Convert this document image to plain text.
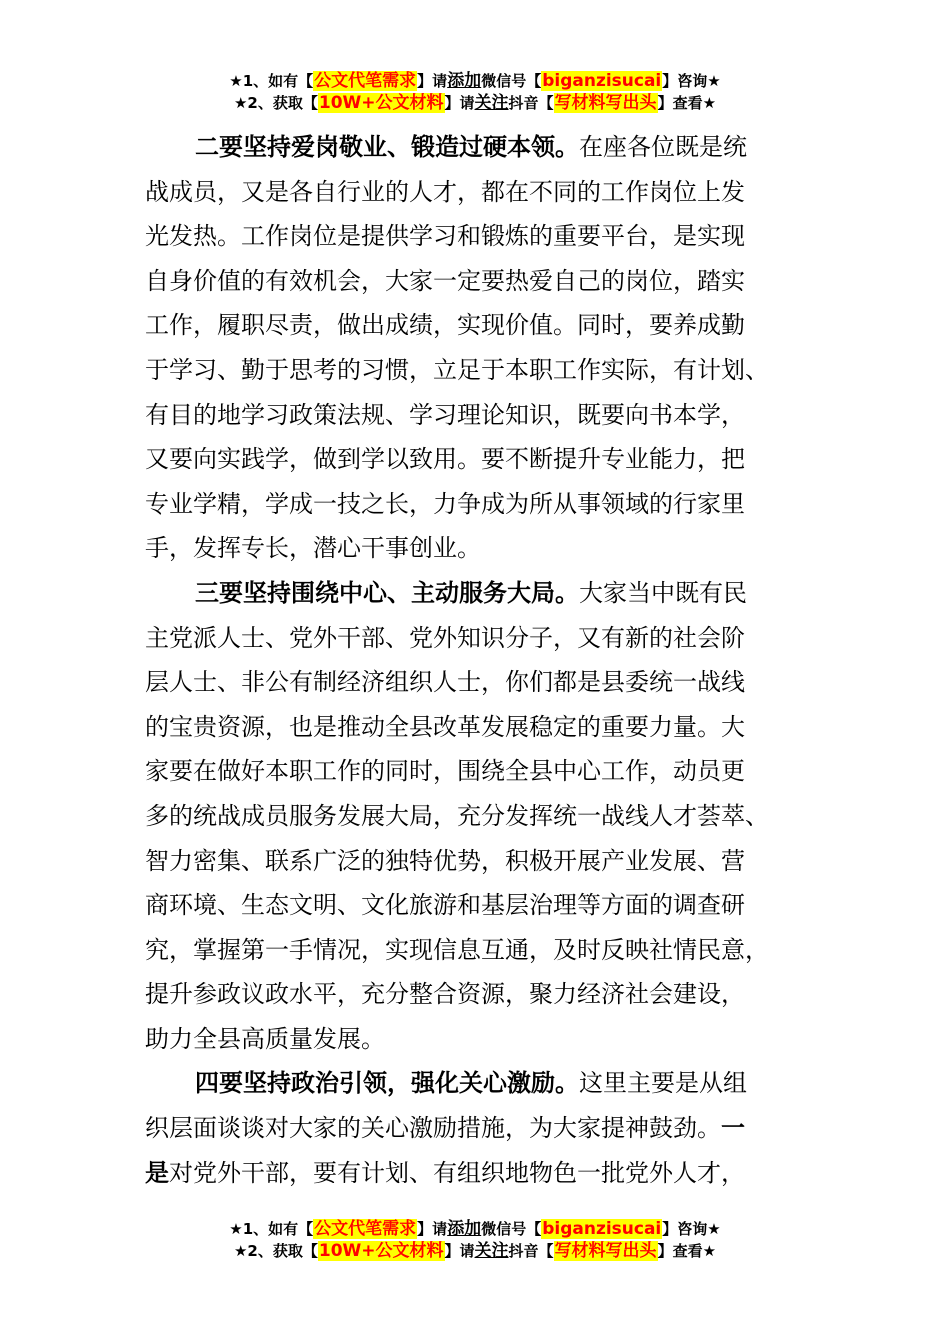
★1、如有【公文代笔需求】请添加微信号【biganzisucai】咨询★
★2、获取【10W+公文材料】请关注抖音【写材料写出头】查看★
二要坚持爱岗敬业、锻造过硬本领。在座各位既是统
战成员，又是各自行业的人才，都在不同的工作岗位上发
光发热。工作岗位是提供学习和锻炼的重要平台，是实现
自身价值的有效机会，大家一定要热爱自己的岗位，踏实
工作，履职尽责，做出成绩，实现价值。同时，要养成勤
于学习、勤于思考的习惯，立足于本职工作实际，有计划、
有目的地学习政策法规、学习理论知识，既要向书本学，
又要向实践学，做到学以致用。要不断提升专业能力，把
专业学精，学成一技之长，力争成为所从事领域的行家里
手，发挥专长，潜心干事创业。
三要坚持围绕中心、主动服务大局。大家当中既有民
主党派人士、党外干部、党外知识分子，又有新的社会阶
层人士、非公有制经济组织人士，你们都是县委统一战线
的宝贵资源，也是推动全县改革发展稳定的重要力量。大
家要在做好本职工作的同时，围绕全县中心工作，动员更
多的统战成员服务发展大局，充分发挥统一战线人才荟萃、
智力密集、联系广泛的独特优势，积极开展产业发展、营
商环境、生态文明、文化旅游和基层治理等方面的调查研
究，掌握第一手情况，实现信息互通，及时反映社情民意，
提升参政议政水平，充分整合资源，聚力经济社会建设，
助力全县高质量发展。
四要坚持政治引领，强化关心激励。这里主要是从组
织层面谈谈对大家的关心激励措施，为大家提神鼓劲。一
是对党外干部，要有计划、有组织地物色一批党外人才，
★1、如有【公文代笔需求】请添加微信号【biganzisucai】咨询★
★2、获取【10W+公文材料】请关注抖音【写材料写出头】查看★
